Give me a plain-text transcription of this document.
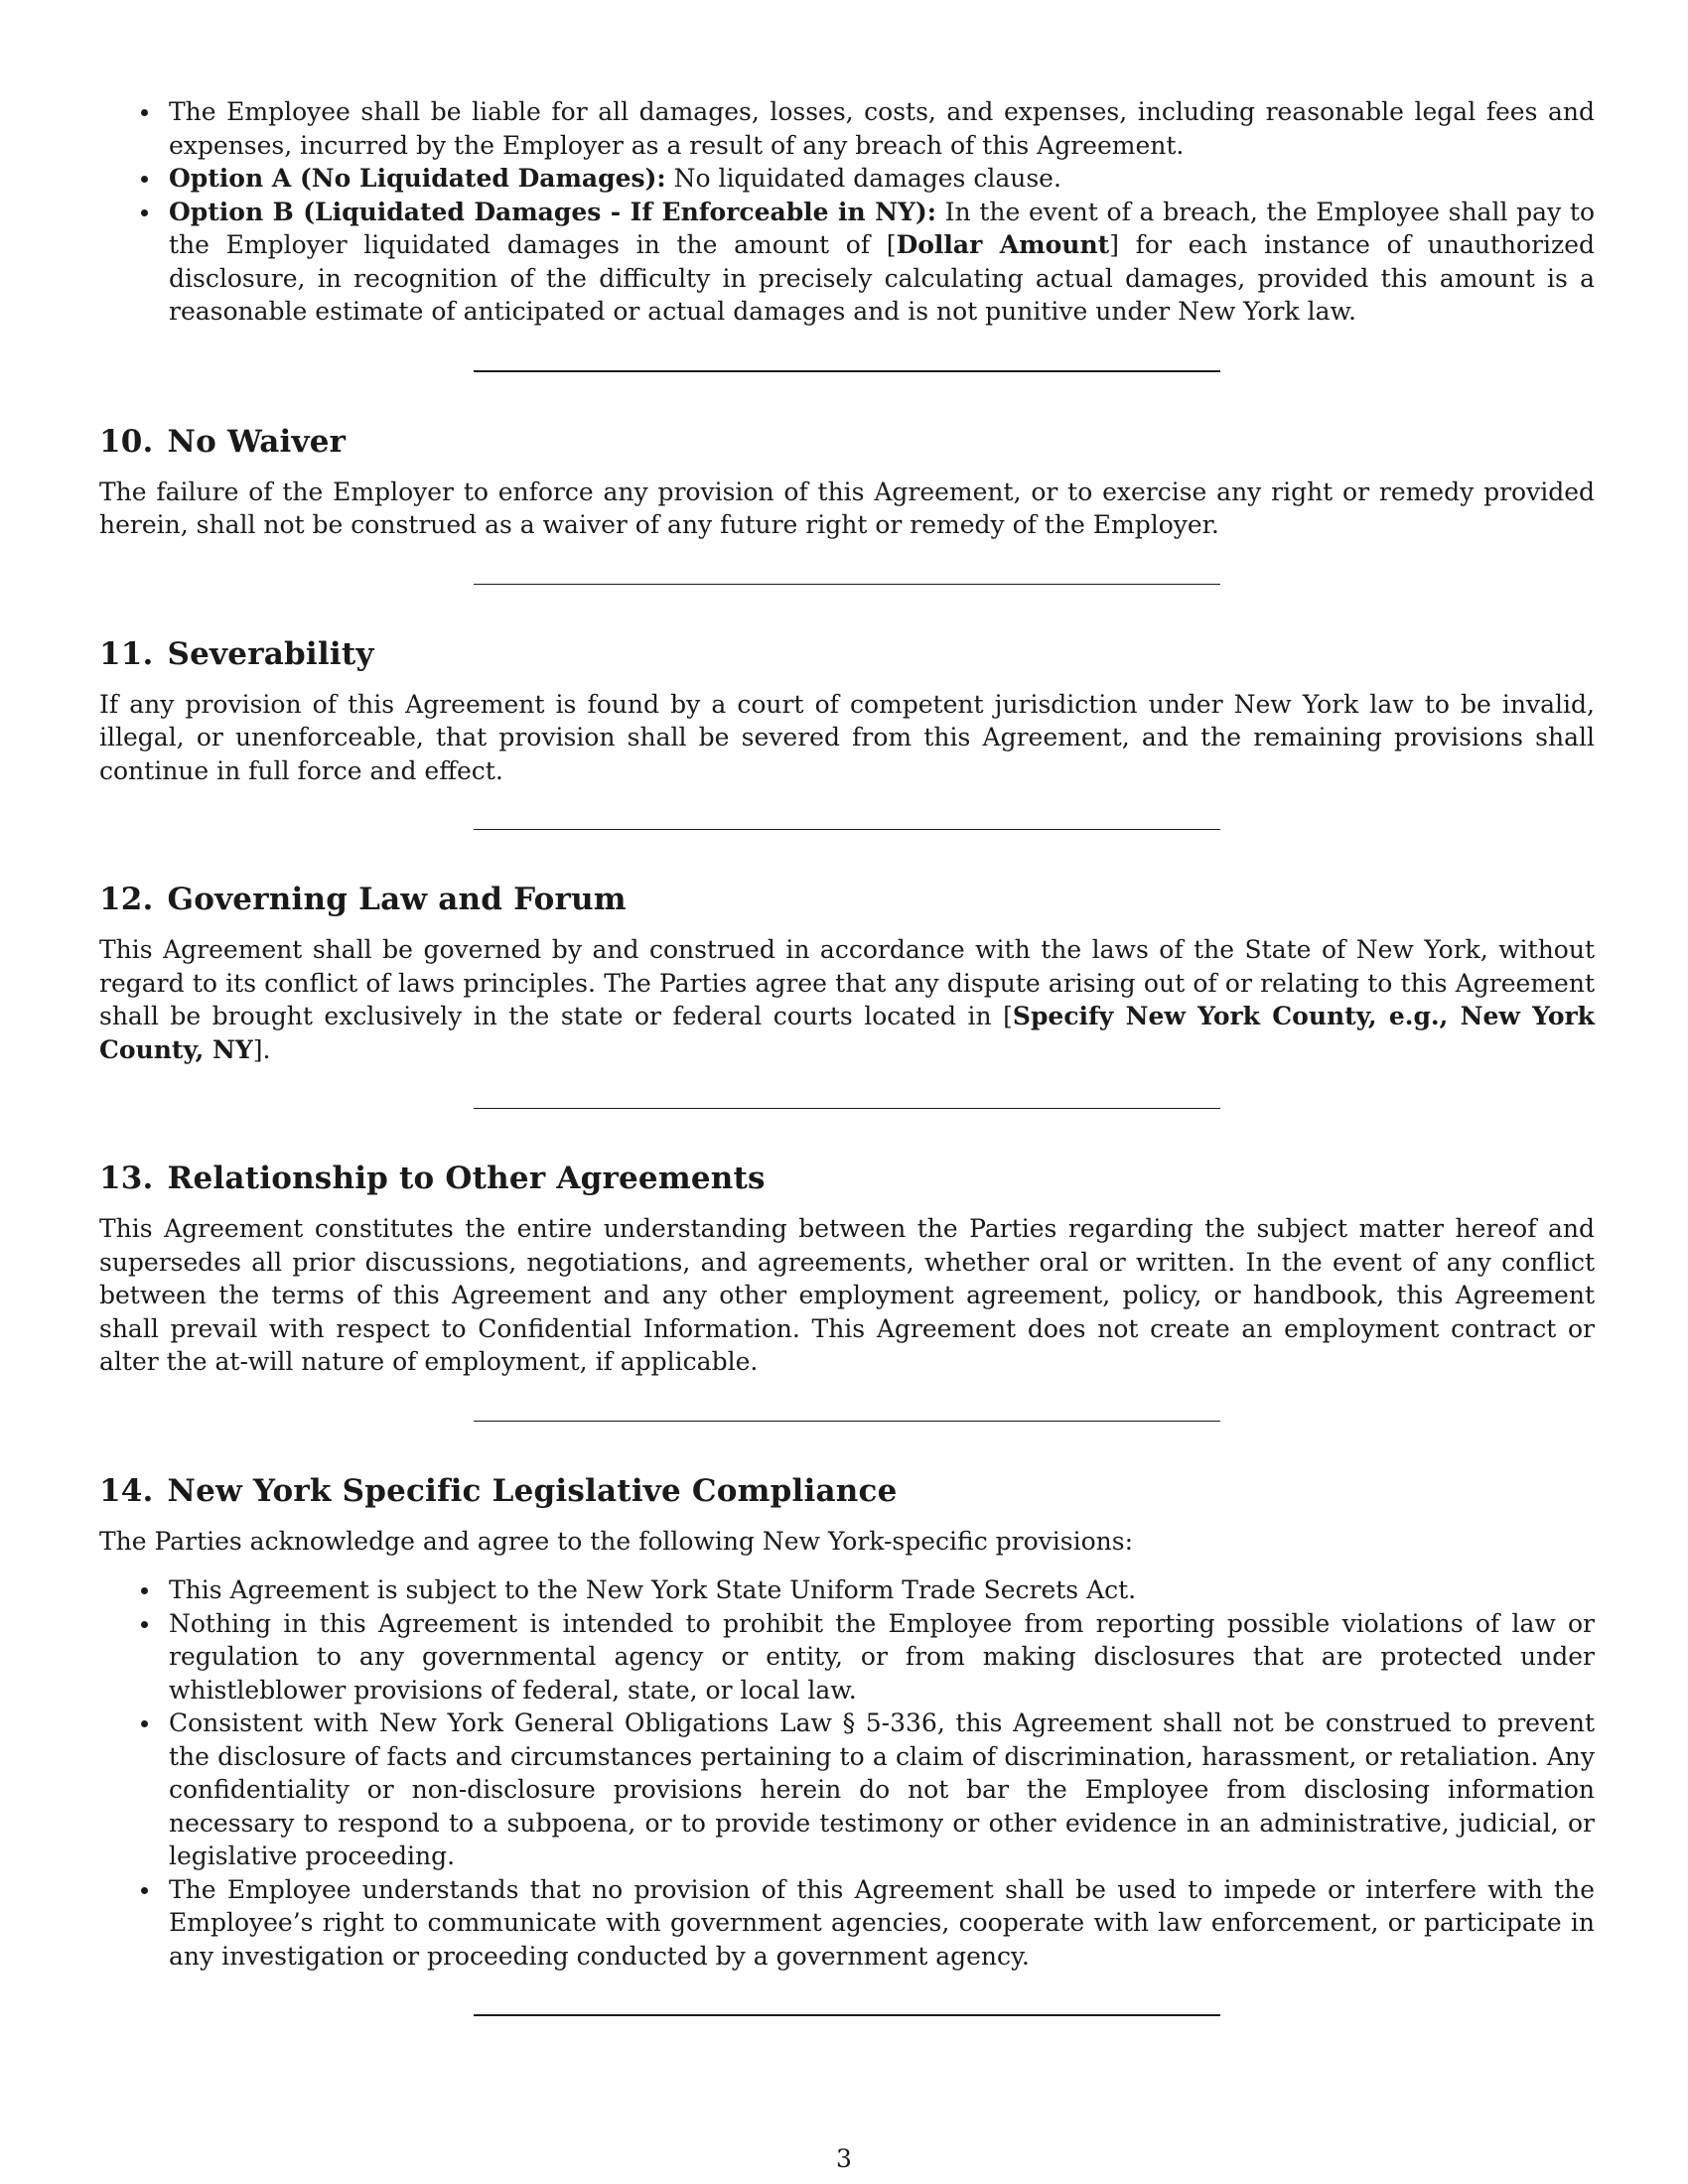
The Employee shall be liable for all damages, losses, costs, and expenses, including reasonable legal fees and expenses, incurred by the Employer as a result of any breach of this Agreement.
Option A (No Liquidated Damages): No liquidated damages clause.
Option B (Liquidated Damages - If Enforceable in NY): In the event of a breach, the Employee shall pay to the Employer liquidated damages in the amount of [Dollar Amount] for each instance of unauthorized disclosure, in recognition of the difficulty in precisely calculating actual damages, provided this amount is a reasonable estimate of anticipated or actual damages and is not punitive under New York law.
10. No Waiver

The failure of the Employer to enforce any provision of this Agreement, or to exercise any right or remedy provided herein, shall not be construed as a waiver of any future right or remedy of the Employer.

11. Severability

If any provision of this Agreement is found by a court of competent jurisdiction under New York law to be invalid, illegal, or unenforceable, that provision shall be severed from this Agreement, and the remaining provisions shall continue in full force and effect.

12. Governing Law and Forum

This Agreement shall be governed by and construed in accordance with the laws of the State of New York, without regard to its conflict of laws principles. The Parties agree that any dispute arising out of or relating to this Agreement shall be brought exclusively in the state or federal courts located in [Specify New York County, e.g., New York County, NY].

13. Relationship to Other Agreements

This Agreement constitutes the entire understanding between the Parties regarding the subject matter hereof and supersedes all prior discussions, negotiations, and agreements, whether oral or written. In the event of any conflict between the terms of this Agreement and any other employment agreement, policy, or handbook, this Agreement shall prevail with respect to Confidential Information. This Agreement does not create an employment contract or alter the at-will nature of employment, if applicable.

14. New York Specific Legislative Compliance

The Parties acknowledge and agree to the following New York-specific provisions:

This Agreement is subject to the New York State Uniform Trade Secrets Act.
Nothing in this Agreement is intended to prohibit the Employee from reporting possible violations of law or regulation to any governmental agency or entity, or from making disclosures that are protected under whistleblower provisions of federal, state, or local law.
Consistent with New York General Obligations Law § 5-336, this Agreement shall not be construed to prevent the disclosure of facts and circumstances pertaining to a claim of discrimination, harassment, or retaliation. Any confidentiality or non-disclosure provisions herein do not bar the Employee from disclosing information necessary to respond to a subpoena, or to provide testimony or other evidence in an administrative, judicial, or legislative proceeding.
The Employee understands that no provision of this Agreement shall be used to impede or interfere with the Employee’s right to communicate with government agencies, cooperate with law enforcement, or participate in any investigation or proceeding conducted by a government agency.
3
